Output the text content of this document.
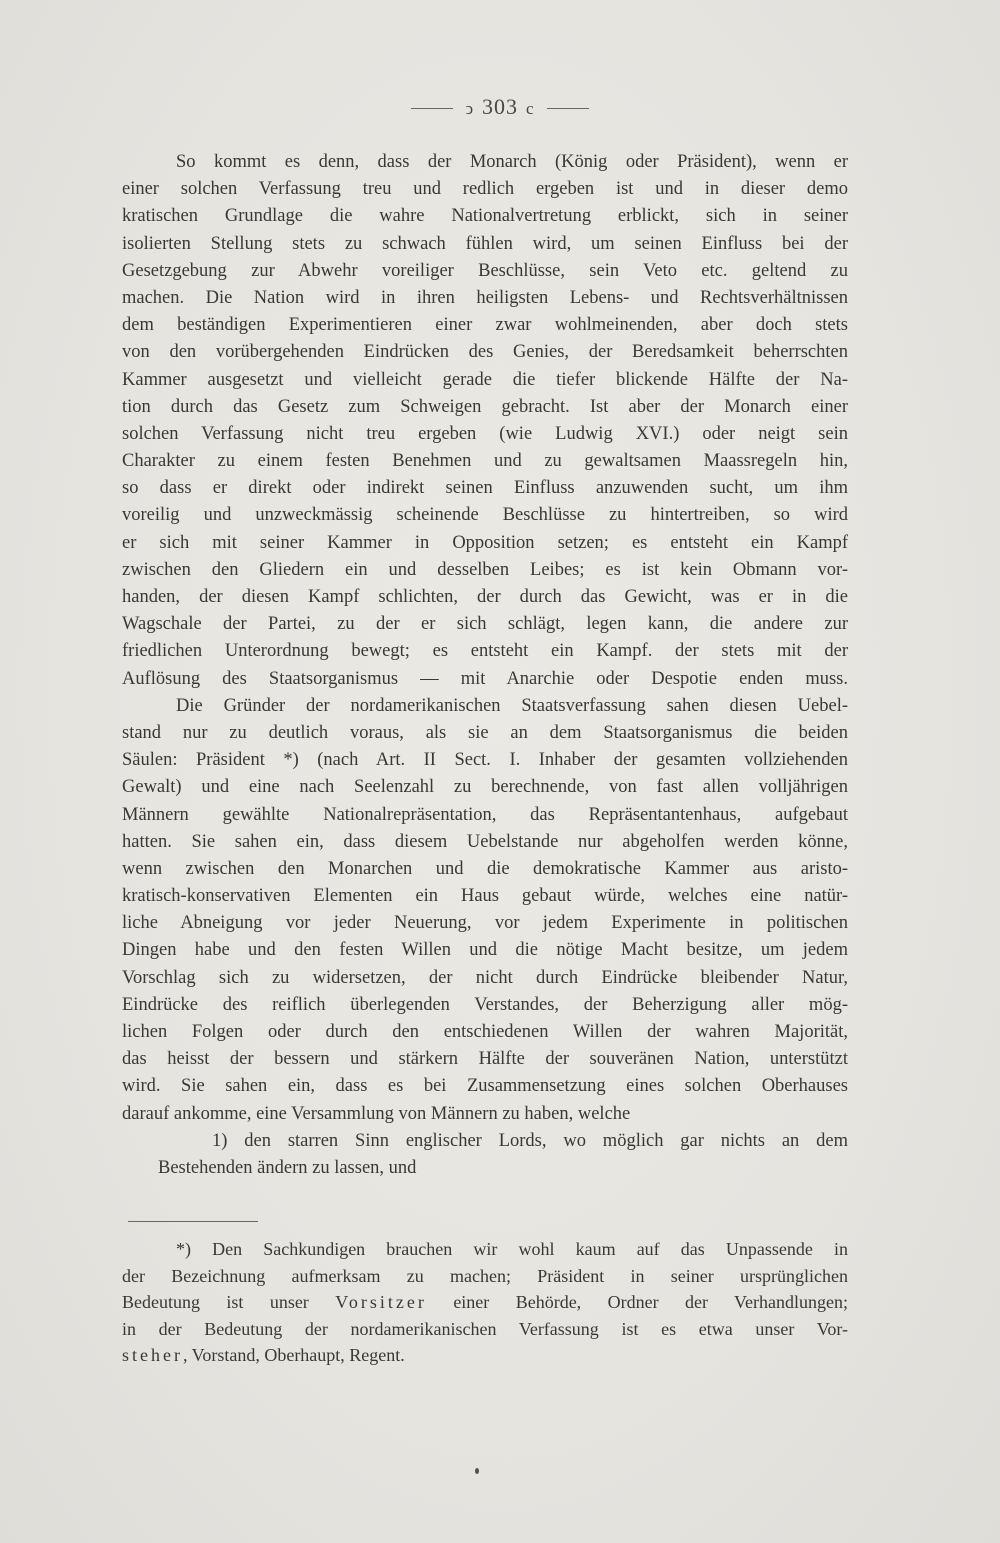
ↄ 303 c
So kommt es denn, dass der Monarch (König oder Präsident), wenn er
einer solchen Verfassung treu und redlich ergeben ist und in dieser demo
kratischen Grundlage die wahre Nationalvertretung erblickt, sich in seiner
isolierten Stellung stets zu schwach fühlen wird, um seinen Einfluss bei der
Gesetzgebung zur Abwehr voreiliger Beschlüsse, sein Veto etc. geltend zu
machen. Die Nation wird in ihren heiligsten Lebens- und Rechtsverhältnissen
dem beständigen Experimentieren einer zwar wohlmeinenden, aber doch stets
von den vorübergehenden Eindrücken des Genies, der Beredsamkeit beherrschten
Kammer ausgesetzt und vielleicht gerade die tiefer blickende Hälfte der Na-
tion durch das Gesetz zum Schweigen gebracht. Ist aber der Monarch einer
solchen Verfassung nicht treu ergeben (wie Ludwig XVI.) oder neigt sein
Charakter zu einem festen Benehmen und zu gewaltsamen Maassregeln hin,
so dass er direkt oder indirekt seinen Einfluss anzuwenden sucht, um ihm
voreilig und unzweckmässig scheinende Beschlüsse zu hintertreiben, so wird
er sich mit seiner Kammer in Opposition setzen; es entsteht ein Kampf
zwischen den Gliedern ein und desselben Leibes; es ist kein Obmann vor-
handen, der diesen Kampf schlichten, der durch das Gewicht, was er in die
Wagschale der Partei, zu der er sich schlägt, legen kann, die andere zur
friedlichen Unterordnung bewegt; es entsteht ein Kampf. der stets mit der
Auflösung des Staatsorganismus — mit Anarchie oder Despotie enden muss.
Die Gründer der nordamerikanischen Staatsverfassung sahen diesen Uebel-
stand nur zu deutlich voraus, als sie an dem Staatsorganismus die beiden
Säulen: Präsident *) (nach Art. II Sect. I. Inhaber der gesamten vollziehenden
Gewalt) und eine nach Seelenzahl zu berechnende, von fast allen volljährigen
Männern gewählte Nationalrepräsentation, das Repräsentantenhaus, aufgebaut
hatten. Sie sahen ein, dass diesem Uebelstande nur abgeholfen werden könne,
wenn zwischen den Monarchen und die demokratische Kammer aus aristo-
kratisch-konservativen Elementen ein Haus gebaut würde, welches eine natür-
liche Abneigung vor jeder Neuerung, vor jedem Experimente in politischen
Dingen habe und den festen Willen und die nötige Macht besitze, um jedem
Vorschlag sich zu widersetzen, der nicht durch Eindrücke bleibender Natur,
Eindrücke des reiflich überlegenden Verstandes, der Beherzigung aller mög-
lichen Folgen oder durch den entschiedenen Willen der wahren Majorität,
das heisst der bessern und stärkern Hälfte der souveränen Nation, unterstützt
wird. Sie sahen ein, dass es bei Zusammensetzung eines solchen Oberhauses
darauf ankomme, eine Versammlung von Männern zu haben, welche
1) den starren Sinn englischer Lords, wo möglich gar nichts an dem
Bestehenden ändern zu lassen, und
*) Den Sachkundigen brauchen wir wohl kaum auf das Unpassende in
der Bezeichnung aufmerksam zu machen; Präsident in seiner ursprünglichen
Bedeutung ist unser Vorsitzer einer Behörde, Ordner der Verhandlungen;
in der Bedeutung der nordamerikanischen Verfassung ist es etwa unser Vor-
steher, Vorstand, Oberhaupt, Regent.
